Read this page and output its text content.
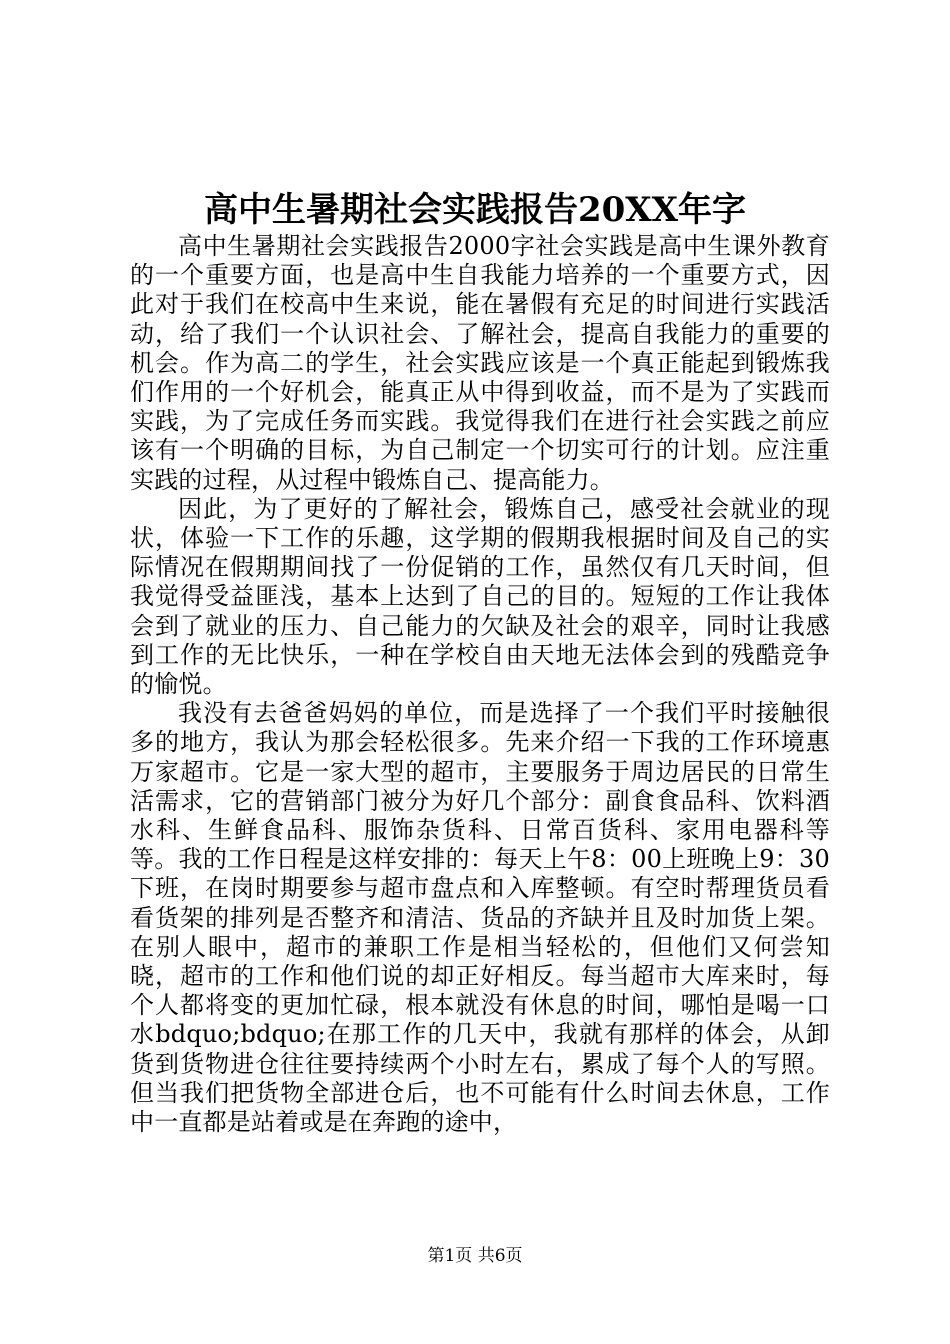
高中生暑期社会实践报告20XX年字

高中生暑期社会实践报告2000字社会实践是高中生课外教育的一个重要方面，也是高中生自我能力培养的一个重要方式，因此对于我们在校高中生来说，能在暑假有充足的时间进行实践活动，给了我们一个认识社会、了解社会，提高自我能力的重要的机会。作为高二的学生，社会实践应该是一个真正能起到锻炼我们作用的一个好机会，能真正从中得到收益，而不是为了实践而实践，为了完成任务而实践。我觉得我们在进行社会实践之前应该有一个明确的目标，为自己制定一个切实可行的计划。应注重实践的过程，从过程中锻炼自己、提高能力。

因此，为了更好的了解社会，锻炼自己，感受社会就业的现状，体验一下工作的乐趣，这学期的假期我根据时间及自己的实际情况在假期期间找了一份促销的工作，虽然仅有几天时间，但我觉得受益匪浅，基本上达到了自己的目的。短短的工作让我体会到了就业的压力、自己能力的欠缺及社会的艰辛，同时让我感到工作的无比快乐，一种在学校自由天地无法体会到的残酷竞争的愉悦。

我没有去爸爸妈妈的单位，而是选择了一个我们平时接触很多的地方，我认为那会轻松很多。先来介绍一下我的工作环境惠万家超市。它是一家大型的超市，主要服务于周边居民的日常生活需求，它的营销部门被分为好几个部分：副食食品科、饮料酒水科、生鲜食品科、服饰杂货科、日常百货科、家用电器科等等。我的工作日程是这样安排的：每天上午8：00上班晚上9：30下班，在岗时期要参与超市盘点和入库整顿。有空时帮理货员看看货架的排列是否整齐和清洁、货品的齐缺并且及时加货上架。在别人眼中，超市的兼职工作是相当轻松的，但他们又何尝知晓，超市的工作和他们说的却正好相反。每当超市大库来时，每个人都将变的更加忙碌，根本就没有休息的时间，哪怕是喝一口水bdquo;bdquo;在那工作的几天中，我就有那样的体会，从卸货到货物进仓往往要持续两个小时左右，累成了每个人的写照。但当我们把货物全部进仓后，也不可能有什么时间去休息，工作中一直都是站着或是在奔跑的途中，

第1页 共6页
